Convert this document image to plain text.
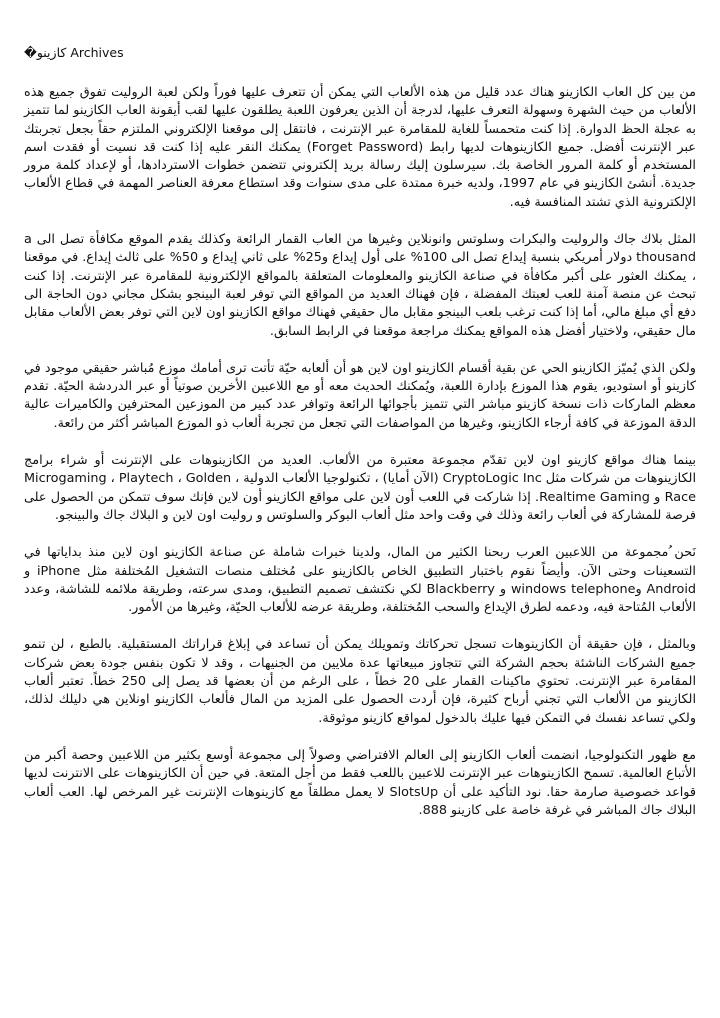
�كازينو Archives

من بين كل العاب الكازينو هناك عدد قليل من هذه الألعاب التي يمكن أن تتعرف عليها فوراً ولكن لعبة الروليت تفوق جميع هذه الألعاب من حيث الشهرة وسهولة التعرف عليها، لدرجة أن الذين يعرفون اللعبة يطلقون عليها لقب أيقونة العاب الكازينو لما تتميز به عجلة الحظ الدوارة. إذا كنت متحمساً للغاية للمقامرة عبر الإنترنت ، فانتقل إلى موقعنا الإلكتروني الملتزم حقاً بجعل تجربتك عبر الإنترنت أفضل. جميع الكازينوهات لديها رابط (Forget Password) يمكنك النقر عليه إذا كنت قد نسيت أو فقدت اسم المستخدم أو كلمة المرور الخاصة بك. سيرسلون إليك رسالة بريد إلكتروني تتضمن خطوات الاستردادها، أو لإعداد كلمة مرور جديدة. أنشئ الكازينو في عام 1997، ولديه خبرة ممتدة على مدى سنوات وقد استطاع معرفة العناصر المهمة في قطاع الألعاب الإلكترونية الذي تشتد المنافسة فيه.

المثل بلاك جاك والروليت والبكرات وسلوتس وانونلاين وغيرها من العاب القمار الرائعة وكذلك يقدم الموقع مكافأة تصل الى a thousand دولار أمريكي بنسبة إيداع تصل الى 100% على أول إيداع و25% على ثاني إيداع و 50% على ثالث إيداع. في موقعنا ، يمكنك العثور على أكبر مكافأة في صناعة الكازينو والمعلومات المتعلقة بالمواقع الإلكترونية للمقامرة عبر الإنترنت. إذا كنت تبحث عن منصة آمنة للعب لعبتك المفضلة ، فإن فهناك العديد من المواقع التي توفر لعبة البينجو بشكل مجاني دون الحاجة الى دفع أي مبلغ مالي، أما إذا كنت ترغب بلعب البينجو مقابل مال حقيقي فهناك مواقع الكازينو اون لاين التي توفر بعض الألعاب مقابل مال حقيقي، ولاختيار أفضل هذه المواقع يمكنك مراجعة موقعنا في الرابط السابق.

ولكن الذي يُميّز الكازينو الحي عن بقية أقسام الكازينو اون لاين هو أن ألعابه حيّة تأتت ترى أمامك موزع مُباشر حقيقي موجود في كازينو أو استوديو، يقوم هذا الموزع بإدارة اللعبة، ويُمكنك الحديث معه أو مع اللاعبين الأخرين صوتياً أو عبر الدردشة الحيّة. تقدم معظم الماركات ذات نسخة كازينو مباشر التي تتميز بأجوائها الرائعة وتوافر عدد كبير من الموزعين المحترفين والكاميرات عالية الدقة الموزعة في كافة أرجاء الكازينو، وغيرها من المواصفات التي تجعل من تجربة ألعاب ذو الموزع المباشر أكثر من رائعة.

بينما هناك مواقع كازينو اون لاين تقدّم مجموعة معتبرة من الألعاب. العديد من الكازينوهات على الإنترنت أو شراء برامج الكازينوهات من شركات مثل CryptoLogic Inc (الآن أمايا) ، تكنولوجيا الألعاب الدولية ، Microgaming ، Playtech ، Golden Race و Realtime Gaming. إذا شاركت في اللعب أون لاين على مواقع الكازينو أون لاين فإنك سوف تتمكن من الحصول على فرصة للمشاركة في ألعاب رائعة وذلك في وقت واحد مثل ألعاب البوكر والسلوتس و روليت اون لاين و البلاك جاك والبينجو.

نَحن ُمجموعة من اللاعبين العرب ربحنا الكثير من المال، ولدينا خبرات شاملة عن صناعة الكازينو اون لاين منذ بداياتها في التسعينات وحتى الآن. وأيضاً نقوم باختبار التطبيق الخاص بالكازينو على مُختلف منصات التشغيل المُختلفة مثل iPhone و Android وwindows telephone و Blackberry لكي نكتشف تصميم التطبيق، ومدى سرعته، وطريقة ملائمه للشاشة، وعدد الألعاب المُتاحة فيه، ودعمه لطرق الإيداع والسحب المُختلفة، وطريقة عرضه للألعاب الحيّة، وغيرها من الأمور.

وبالمثل ، فإن حقيقة أن الكازينوهات تسجل تحركاتك وتمويلك يمكن أن تساعد في إبلاغ قراراتك المستقبلية. بالطبع ، لن تنمو جميع الشركات الناشئة بحجم الشركة التي تتجاوز مبيعاتها عدة ملايين من الجنيهات ، وقد لا تكون بنفس جودة بعض شركات المقامرة عبر الإنترنت. تحتوي ماكينات القمار على 20 خطاً ، على الرغم من أن بعضها قد يصل إلى 250 خطاً. تعتبر ألعاب الكازينو من الألعاب التي تجني أرباح كثيرة، فإن أردت الحصول على المزيد من المال فألعاب الكازينو اونلاين هي دليلك لذلك، ولكي تساعد نفسك في التمكن فيها عليك بالدخول لمواقع كازينو موثوقة.

مع ظهور التكنولوجيا، انضمت ألعاب الكازينو إلى العالم الافتراضي وصولاً إلى مجموعة أوسع بكثير من اللاعبين وحصة أكبر من الأتباع العالمية. تسمح الكازينوهات عبر الإنترنت للاعبين باللعب فقط من أجل المتعة. في حين أن الكازينوهات على الانترنت لديها قواعد خصوصية صارمة حقا. نود التأكيد على أن SlotsUp لا يعمل مطلقاً مع كازينوهات الإنترنت غير المرخص لها. العب ألعاب البلاك جاك المباشر في غرفة خاصة على كازينو 888.
